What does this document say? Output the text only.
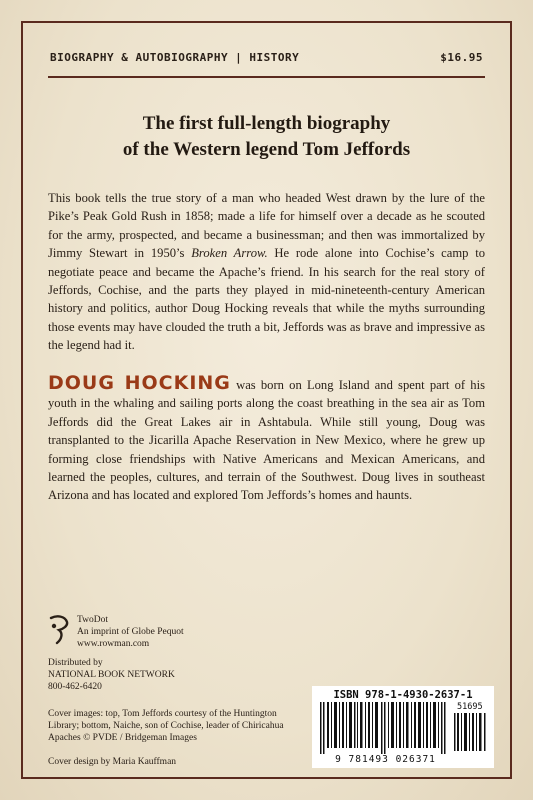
BIOGRAPHY & AUTOBIOGRAPHY | HISTORY	$16.95
The first full-length biography
of the Western legend Tom Jeffords
This book tells the true story of a man who headed West drawn by the lure of the Pike’s Peak Gold Rush in 1858; made a life for himself over a decade as he scouted for the army, prospected, and became a businessman; and then was immortalized by Jimmy Stewart in 1950’s Broken Arrow. He rode alone into Cochise’s camp to negotiate peace and became the Apache’s friend. In his search for the real story of Jeffords, Cochise, and the parts they played in mid-nineteenth-century American history and politics, author Doug Hocking reveals that while the myths surrounding those events may have clouded the truth a bit, Jeffords was as brave and impressive as the legend had it.
DOUG HOCKING was born on Long Island and spent part of his youth in the whaling and sailing ports along the coast breathing in the sea air as Tom Jeffords did the Great Lakes air in Ashtabula. While still young, Doug was transplanted to the Jicarilla Apache Reservation in New Mexico, where he grew up forming close friendships with Native Americans and Mexican Americans, and learned the peoples, cultures, and terrain of the Southwest. Doug lives in southeast Arizona and has located and explored Tom Jeffords’s homes and haunts.
TwoDot
An imprint of Globe Pequot
www.rowman.com
Distributed by
NATIONAL BOOK NETWORK
800-462-6420
Cover images: top, Tom Jeffords courtesy of the Huntington Library; bottom, Naiche, son of Cochise, leader of Chiricahua Apaches © PVDE / Bridgeman Images
Cover design by Maria Kauffman
ISBN 978-1-4930-2637-1
51695
9 781493 026371
